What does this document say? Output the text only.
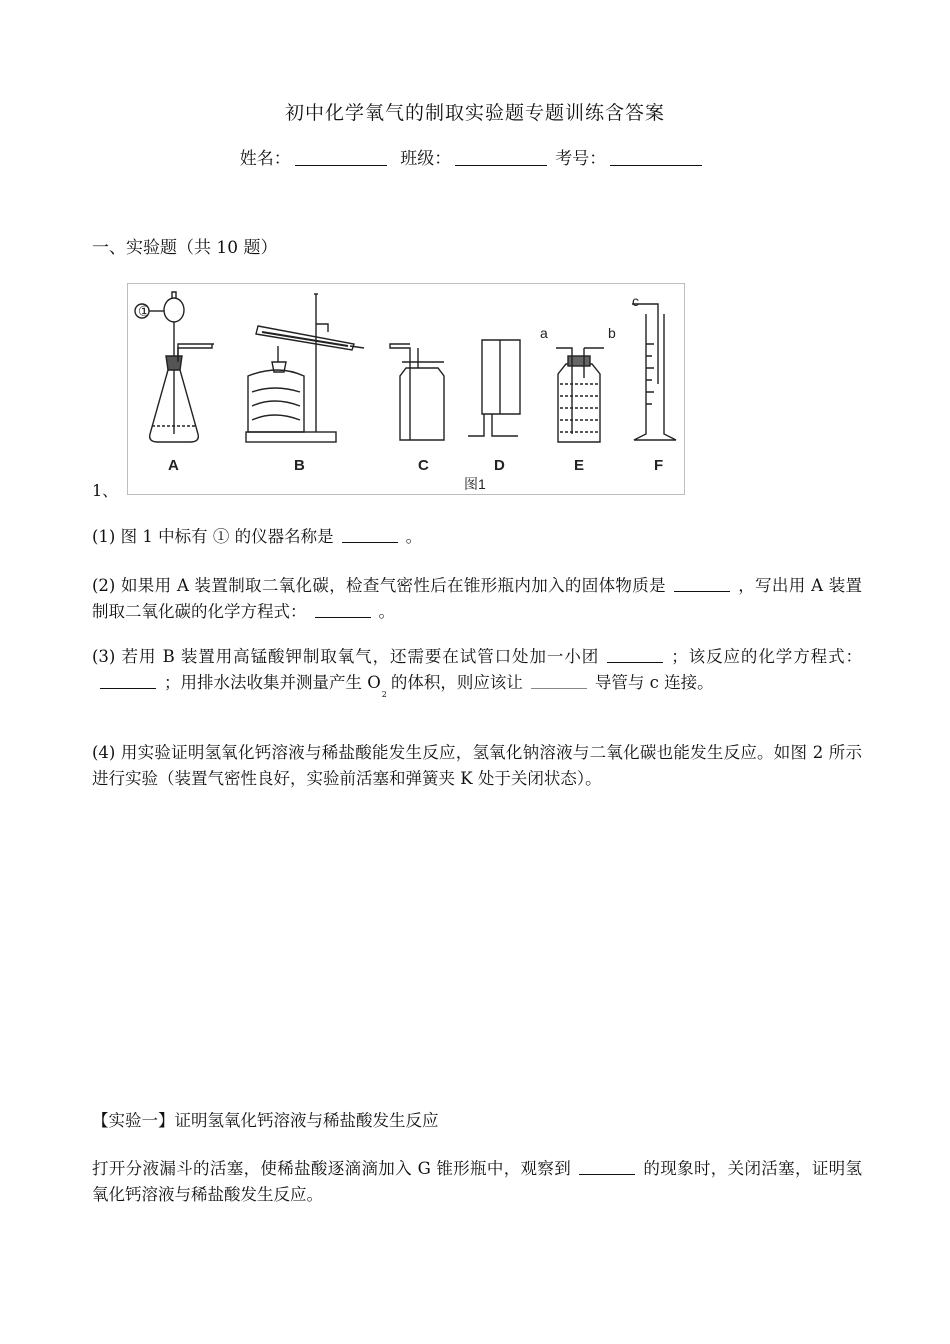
初中化学氧气的制取实验题专题训练含答案
姓名：	班级：	考号：
一、实验题（共 10 题）
1、
①
A	B	C	D	E	F
a	b
c
图1
(1) 图 1 中标有 ① 的仪器名称是	。
(2) 如果用 A 装置制取二氧化碳，检查气密性后在锥形瓶内加入的固体物质是	，写出用 A 装置制取二氧化碳的化学方程式：	。
(3) 若用 B 装置用高锰酸钾制取氧气，还需要在试管口处加一小团	；该反应的化学方程式：；用排水法收集并测量产生 $O_2$的体积，则应该让	导管与 c 连接。
(4) 用实验证明氢氧化钙溶液与稀盐酸能发生反应，氢氧化钠溶液与二氧化碳也能发生反应。如图 2 所示进行实验（装置气密性良好，实验前活塞和弹簧夹 K 处于关闭状态）。
【实验一】证明氢氧化钙溶液与稀盐酸发生反应
打开分液漏斗的活塞，使稀盐酸逐滴滴加入 G 锥形瓶中，观察到	的现象时，关闭活塞，证明氢氧化钙溶液与稀盐酸发生反应。
